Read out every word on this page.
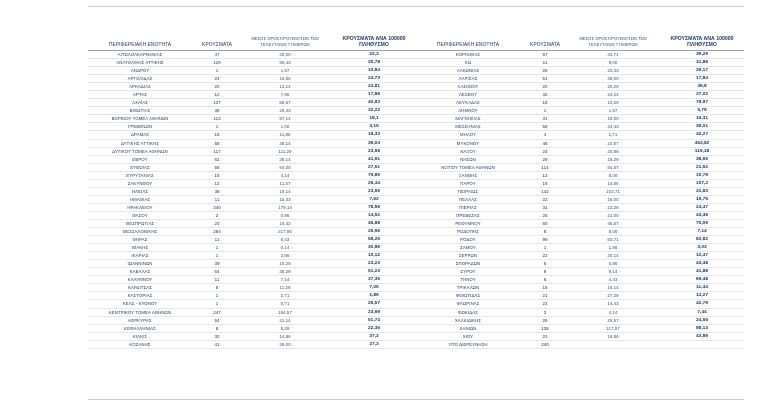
ΠΕΡΙΦΕΡΕΙΑΚΗ ΕΝΟΤΗΤΑ	ΚΡΟΥΣΜΑΤΑ
ΜΕΣΟΣ ΟΡΟΣ ΚΡΟΥΣΜΑΤΩΝ ΤΩΝ ΤΕΛΕΥΤΑΙΩΝ 7 ΗΜΕΡΩΝ
ΚΡΟΥΣΜΑΤΑ ΑΝΑ 100000 ΠΛΗΘΥΣΜΟ
ΑΙΤΩΛΟΑΚΑΡΝΑΝΙΑΣ	47	33,00	22,3
ΑΝΑΤΟΛΙΚΗΣ ΑΤΤΙΚΗΣ	129	95,43	25,78
ΑΝΔΡΟΥ	1	1,57	10,84
ΑΡΓΟΛΙΔΑΣ	24	16,86	24,73
ΑΡΚΑΔΙΑΣ	20	13,14	24,81
ΑΡΤΑΣ	12	7,86	17,86
ΑΧΑΪΑΣ	127	86,57	40,83
ΒΟΙΩΤΙΑΣ	36	28,43	32,22
ΒΟΡΕΙΟΥ ΤΟΜΕΑ ΑΘΗΝΩΝ	113	97,14	18,1
ΓΡΕΒΕΝΩΝ	1	1,00	3,15
ΔΡΑΜΑΣ	18	11,86	18,33
ΔΥΤΙΚΗΣ ΑΤΤΙΚΗΣ	58	38,14	36,04
ΔΥΤΙΚΟΥ ΤΟΜΕΑ ΑΘΗΝΩΝ	117	111,29	23,68
ΕΒΡΟΥ	62	38,14	41,91
ΕΥΒΟΙΑΣ	56	54,00	27,51
ΕΥΡΥΤΑΝΙΑΣ	16	4,14	79,85
ΖΑΚΥΝΘΟΥ	12	11,57	29,44
ΗΛΕΙΑΣ	38	19,14	23,65
ΗΜΑΘΙΑΣ	11	15,43	7,62
ΗΡΑΚΛΕΙΟΥ	240	179,14	78,59
ΘΑΣΟΥ	2	0,86	14,52
ΘΕΣΠΡΩΤΙΑΣ	20	16,43	45,88
ΘΕΣΣΑΛΟΝΙΚΗΣ	284	217,86	25,56
ΘΗΡΑΣ	11	8,43	58,25
ΙΘΑΚΗΣ	1	0,14	30,86
ΙΚΑΡΙΑΣ	1	2,86	10,12
ΙΩΑΝΝΙΝΩΝ	39	16,29	23,23
ΚΑΒΑΛΑΣ	64	35,29	51,23
ΚΑΛΥΜΝΟΥ	11	7,14	37,35
ΚΑΡΔΙΤΣΑΣ	8	11,29	7,05
ΚΑΣΤΟΡΙΑΣ	1	2,71	1,89
ΚΕΑΣ - ΚΥΘΝΟΥ	1	0,71	25,57
ΚΕΝΤΡΙΚΟΥ ΤΟΜΕΑ ΑΘΗΝΩΝ	247	194,57	23,69
ΚΕΡΚΥΡΑΣ	54	41,14	51,74
ΚΕΦΑΛΛΗΝΙΑΣ	8	5,29	22,35
ΚΙΛΚΙΣ	30	14,86	37,3
ΚΟΖΑΝΗΣ	41	29,00	27,3
ΠΕΡΙΦΕΡΕΙΑΚΗ ΕΝΟΤΗΤΑ	ΚΡΟΥΣΜΑΤΑ
ΜΕΣΟΣ ΟΡΟΣ ΚΡΟΥΣΜΑΤΩΝ ΤΩΝ ΤΕΛΕΥΤΑΙΩΝ 7 ΗΜΕΡΩΝ
ΚΡΟΥΣΜΑΤΑ ΑΝΑ 100000 ΠΛΗΘΥΣΜΟ
ΚΟΡΙΝΘΙΑΣ	57	43,71	39,29
ΚΩ	11	9,00	31,86
ΛΑΚΩΝΙΑΣ	26	23,43	29,17
ΛΑΡΙΣΑΣ	51	38,00	17,84
ΛΑΣΙΘΙΟΥ	20	20,29	39,8
ΛΕΣΒΟΥ	32	24,14	37,02
ΛΕΥΚΑΔΑΣ	18	10,29	78,97
ΛΗΜΝΟΥ	1	1,57	5,79
ΜΑΓΝΗΣΙΑΣ	31	18,00	16,31
ΜΕΣΣΗΝΙΑΣ	56	44,43	35,01
ΜΗΛΟΥ	4	1,71	40,27
ΜΥΚΟΝΟΥ	46	22,57	453,82
ΝΑΞΟΥ	24	20,86	119,18
ΝΗΣΩΝ	29	16,29	38,65
ΝΟΤΙΟΥ ΤΟΜΕΑ ΑΘΗΝΩΝ	114	84,57	21,52
ΞΑΝΘΗΣ	12	8,00	10,79
ΠΑΡΟΥ	16	14,86	107,2
ΠΕΙΡΑΙΩΣ	142	103,71	31,83
ΠΕΛΛΑΣ	22	16,00	15,75
ΠΙΕΡΙΑΣ	31	23,29	24,47
ΠΡΕΒΕΖΑΣ	25	21,00	43,49
ΡΕΘΥΜΝΟΥ	60	45,57	70,09
ΡΟΔΟΠΗΣ	8	8,00	7,14
ΡΟΔΟΥ	99	83,71	82,82
ΣΑΜΟΥ	1	1,86	3,03
ΣΕΡΡΩΝ	22	20,14	12,47
ΣΠΟΡΑΔΩΝ	6	5,86	43,48
ΣΥΡΟΥ	9	9,14	41,88
ΤΗΝΟΥ	6	4,43	69,48
ΤΡΙΚΑΛΩΝ	15	16,14	11,44
ΦΘΙΩΤΙΔΑΣ	21	27,29	13,27
ΦΛΩΡΙΝΑΣ	22	14,43	42,79
ΦΩΚΙΔΑΣ	3	4,14	7,44
ΧΑΛΚΙΔΙΚΗΣ	26	25,57	24,55
ΧΑΝΙΩΝ	138	117,57	88,13
ΧΙΟΥ	23	18,86	43,89
ΥΠΟ ΔΙΕΡΕΥΝΗΣΗ	240
